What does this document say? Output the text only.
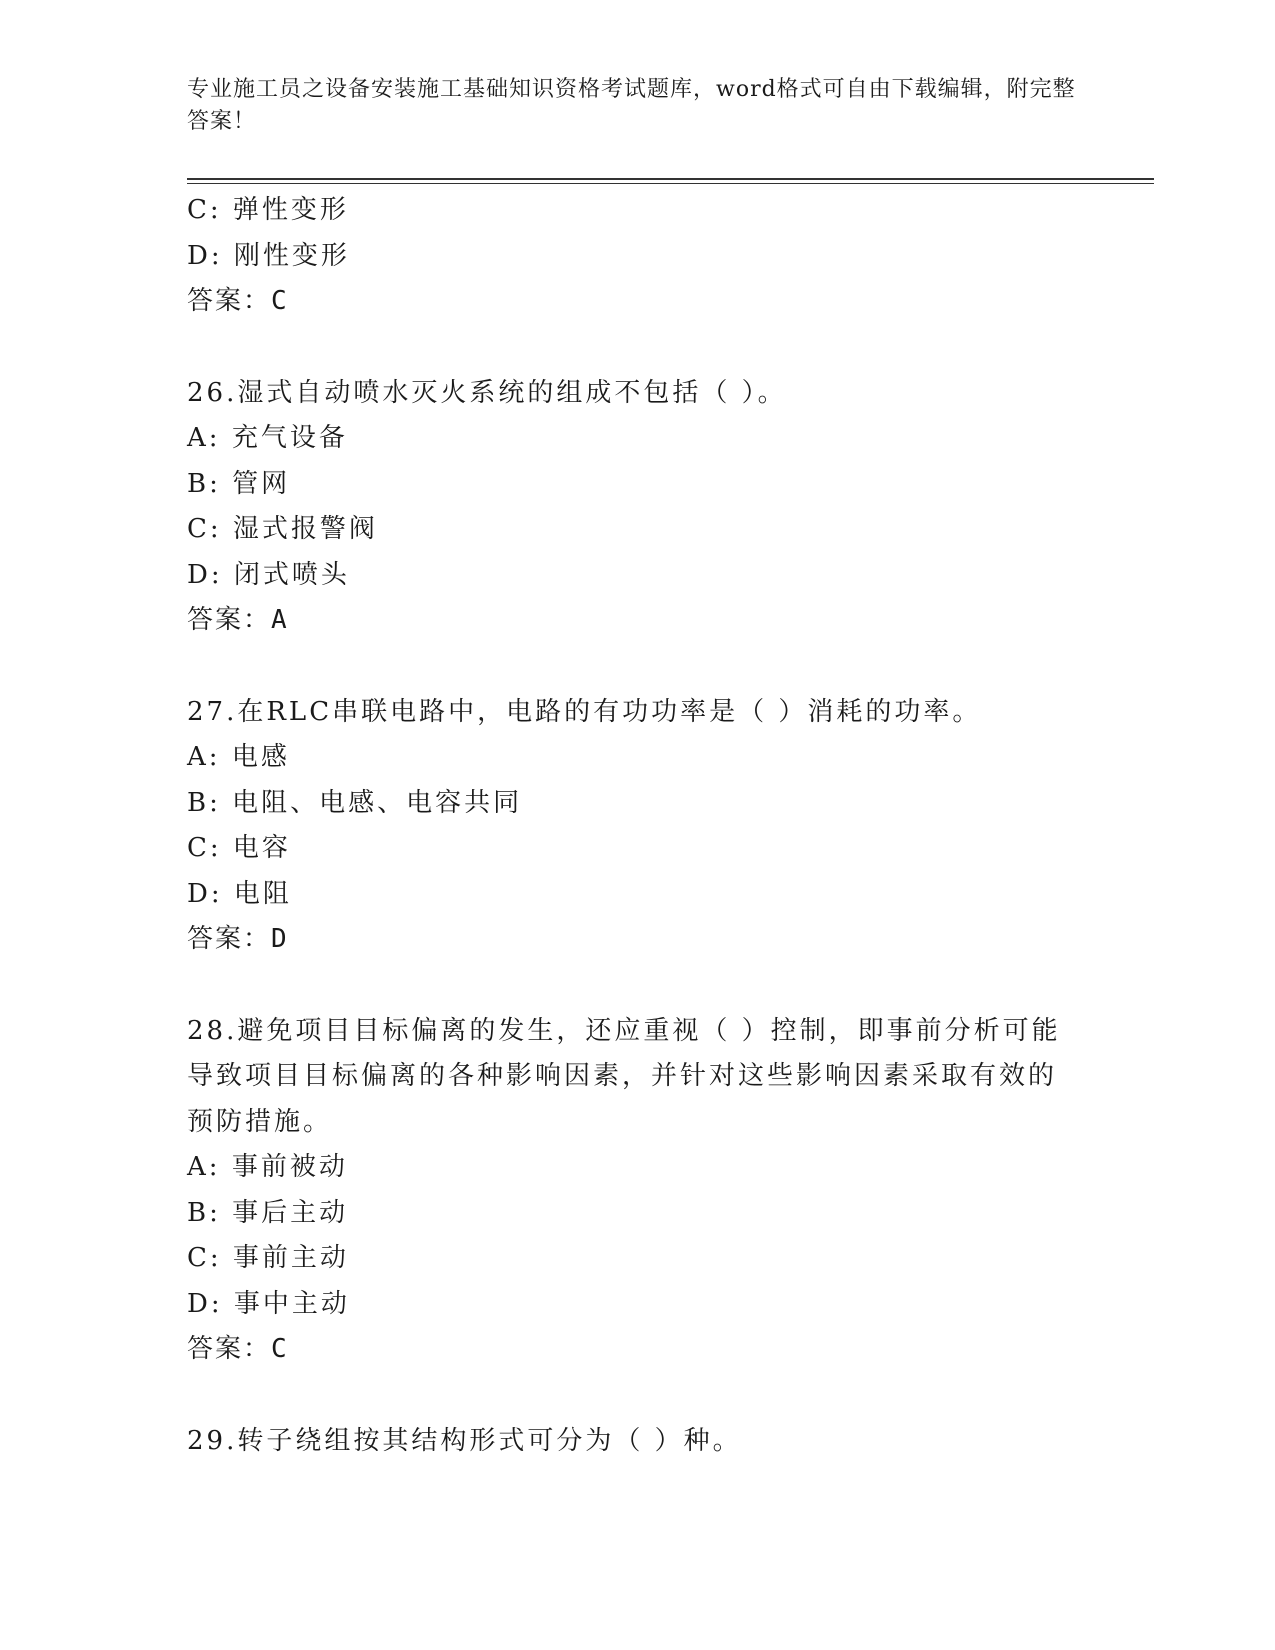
专业施工员之设备安装施工基础知识资格考试题库，word格式可自由下载编辑，附完整答案！
C: 弹性变形
D: 刚性变形
答案：C
26.湿式自动喷水灭火系统的组成不包括（ ）。
A: 充气设备
B: 管网
C: 湿式报警阀
D: 闭式喷头
答案：A
27.在RLC串联电路中，电路的有功功率是（ ）消耗的功率。
A: 电感
B: 电阻、电感、电容共同
C: 电容
D: 电阻
答案：D
28.避免项目目标偏离的发生，还应重视（ ）控制，即事前分析可能导致项目目标偏离的各种影响因素，并针对这些影响因素采取有效的预防措施。
A: 事前被动
B: 事后主动
C: 事前主动
D: 事中主动
答案：C
29.转子绕组按其结构形式可分为（ ）种。
